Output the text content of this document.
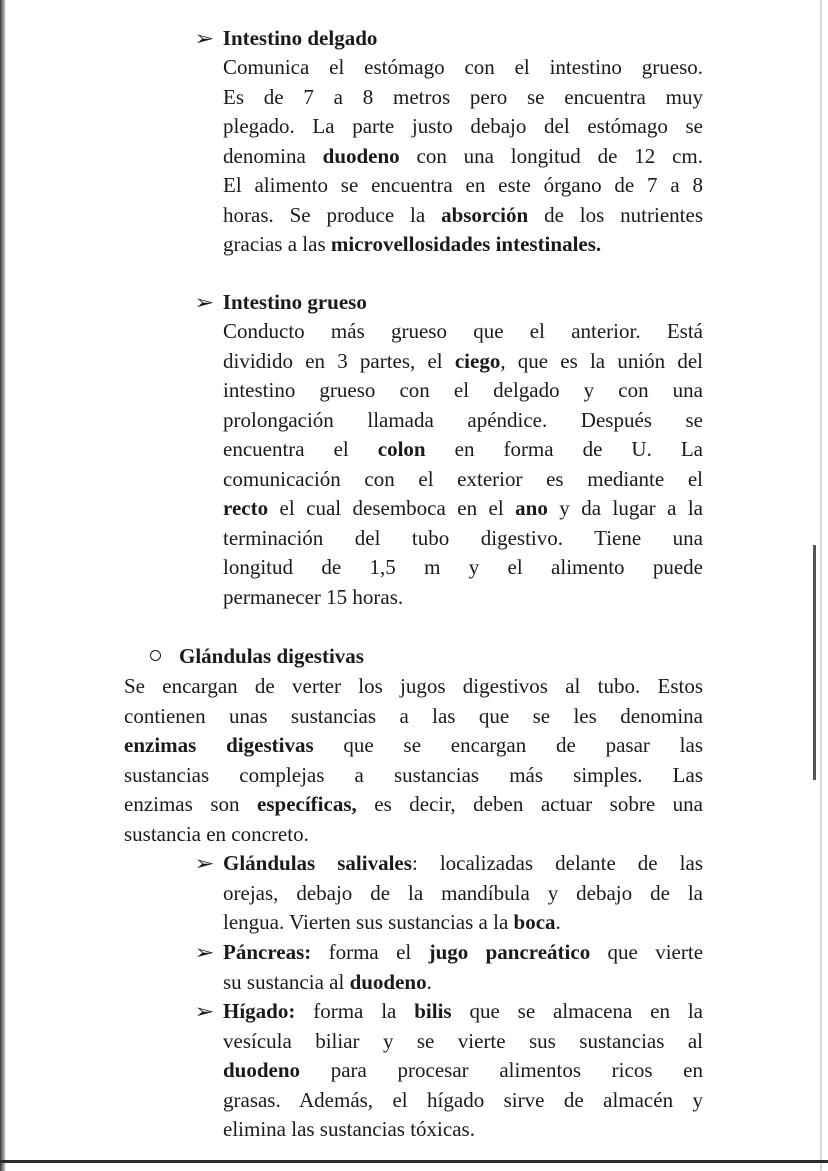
➢ Intestino delgado
Comunica el estómago con el intestino grueso.
Es de 7 a 8 metros pero se encuentra muy
plegado. La parte justo debajo del estómago se
denomina duodeno con una longitud de 12 cm.
El alimento se encuentra en este órgano de 7 a 8
horas. Se produce la absorción de los nutrientes
gracias a las microvellosidades intestinales.
➢ Intestino grueso
Conducto más grueso que el anterior. Está
dividido en 3 partes, el ciego, que es la unión del
intestino grueso con el delgado y con una
prolongación llamada apéndice. Después se
encuentra el colon en forma de U. La
comunicación con el exterior es mediante el
recto el cual desemboca en el ano y da lugar a la
terminación del tubo digestivo. Tiene una
longitud de 1,5 m y el alimento puede
permanecer 15 horas.
Glándulas digestivas
Se encargan de verter los jugos digestivos al tubo. Estos
contienen unas sustancias a las que se les denomina
enzimas digestivas que se encargan de pasar las
sustancias complejas a sustancias más simples. Las
enzimas son específicas, es decir, deben actuar sobre una
sustancia en concreto.
➢ Glándulas salivales: localizadas delante de las
orejas, debajo de la mandíbula y debajo de la
lengua. Vierten sus sustancias a la boca.
➢ Páncreas: forma el jugo pancreático que vierte
su sustancia al duodeno.
➢ Hígado: forma la bilis que se almacena en la
vesícula biliar y se vierte sus sustancias al
duodeno para procesar alimentos ricos en
grasas. Además, el hígado sirve de almacén y
elimina las sustancias tóxicas.
